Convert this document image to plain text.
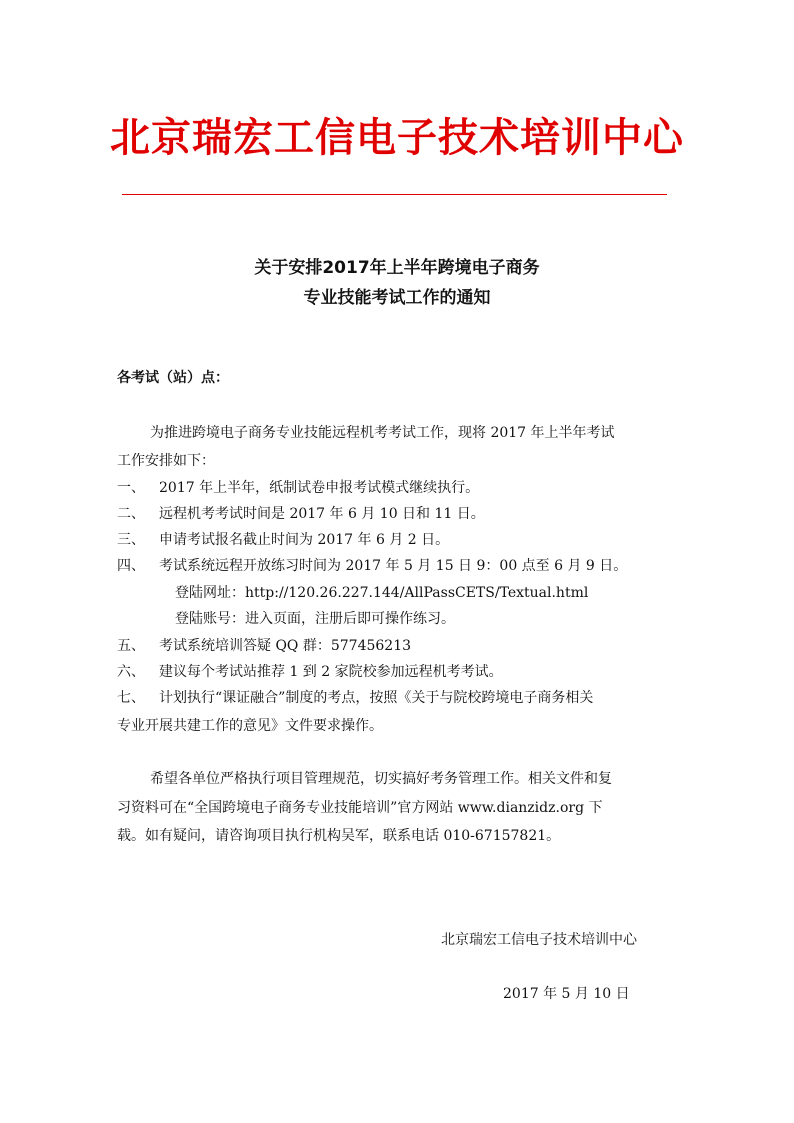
北京瑞宏工信电子技术培训中心
关于安排2017年上半年跨境电子商务
专业技能考试工作的通知
各考试（站）点：
为推进跨境电子商务专业技能远程机考考试工作，现将 2017 年上半年考试
工作安排如下：
一、 2017 年上半年，纸制试卷申报考试模式继续执行。
二、 远程机考考试时间是 2017 年 6 月 10 日和 11 日。
三、 申请考试报名截止时间为 2017 年 6 月 2 日。
四、 考试系统远程开放练习时间为 2017 年 5 月 15 日 9：00 点至 6 月 9 日。
登陆网址：http://120.26.227.144/AllPassCETS/Textual.html
登陆账号：进入页面，注册后即可操作练习。
五、 考试系统培训答疑 QQ 群：577456213
六、 建议每个考试站推荐 1 到 2 家院校参加远程机考考试。
七、 计划执行“课证融合”制度的考点，按照《关于与院校跨境电子商务相关
专业开展共建工作的意见》文件要求操作。
希望各单位严格执行项目管理规范，切实搞好考务管理工作。相关文件和复
习资料可在“全国跨境电子商务专业技能培训”官方网站 www.dianzidz.org 下
载。如有疑问，请咨询项目执行机构吴军，联系电话 010-67157821。
北京瑞宏工信电子技术培训中心
2017 年 5 月 10 日
